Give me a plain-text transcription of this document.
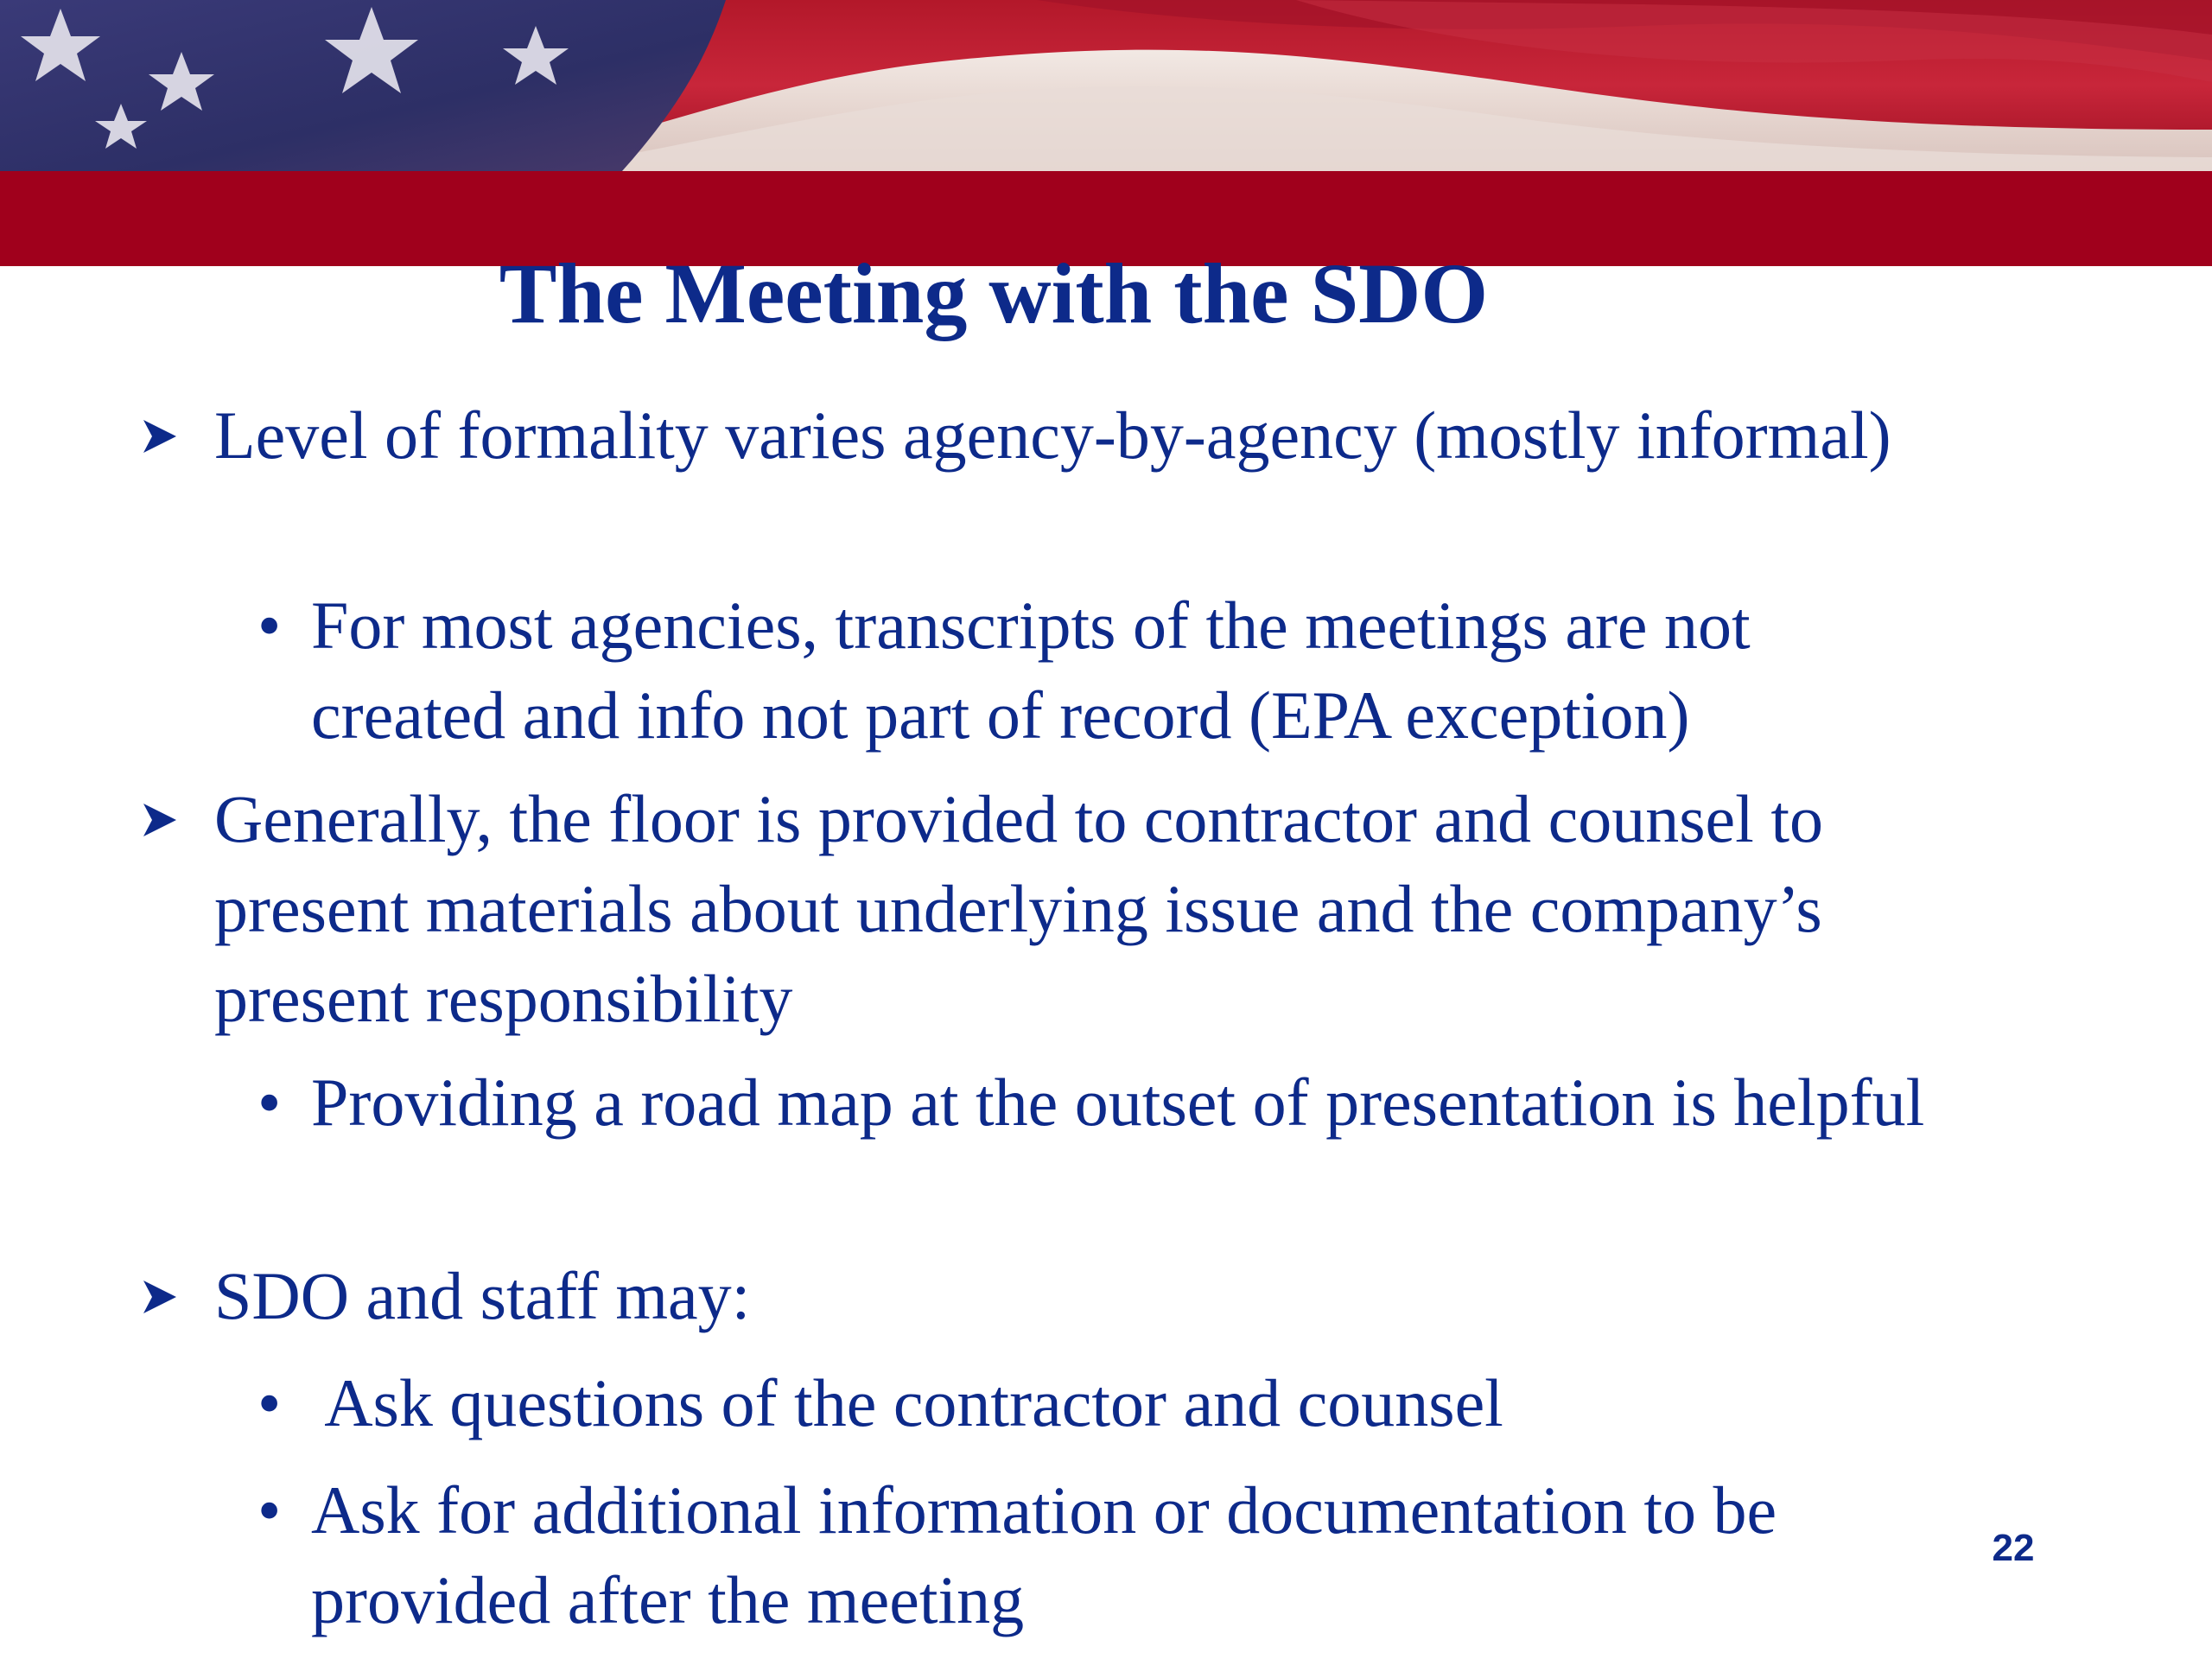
The Meeting with the SDO

Level of formality varies agency-by-agency (mostly informal)

• For most agencies, transcripts of the meetings are not created and info not part of record (EPA exception)

Generally, the floor is provided to contractor and counsel to present materials about underlying issue and the company’s present responsibility

• Providing a road map at the outset of presentation is helpful

SDO and staff may:

• Ask questions of the contractor and counsel

• Ask for additional information or documentation to be provided after the meeting

22
